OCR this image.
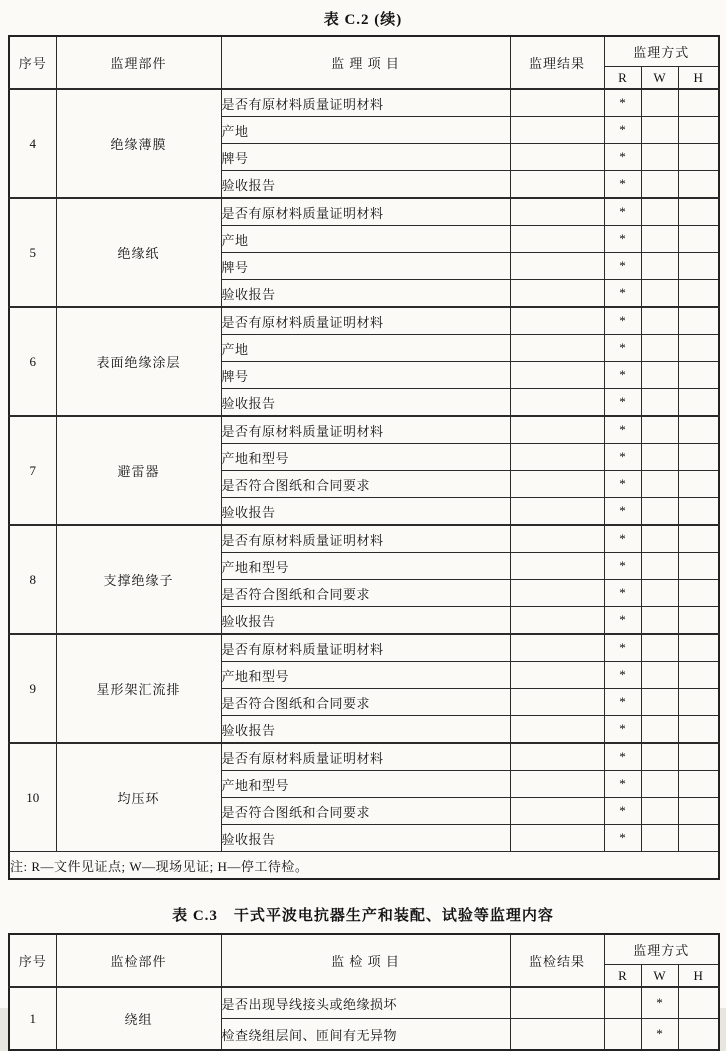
表 C.2 (续)
序号	监理部件	监 理 项 目	监理结果	监理方式		
				R	W	H
4	绝缘薄膜	是否有原材料质量证明材料		*		
		产地		*		
		牌号		*		
		验收报告		*		
5	绝缘纸	是否有原材料质量证明材料		*		
		产地		*		
		牌号		*		
		验收报告		*		
6	表面绝缘涂层	是否有原材料质量证明材料		*		
		产地		*		
		牌号		*		
		验收报告		*		
7	避雷器	是否有原材料质量证明材料		*		
		产地和型号		*		
		是否符合图纸和合同要求		*		
		验收报告		*		
8	支撑绝缘子	是否有原材料质量证明材料		*		
		产地和型号		*		
		是否符合图纸和合同要求		*		
		验收报告		*		
9	星形架汇流排	是否有原材料质量证明材料		*		
		产地和型号		*		
		是否符合图纸和合同要求		*		
		验收报告		*		
10	均压环	是否有原材料质量证明材料		*		
		产地和型号		*		
		是否符合图纸和合同要求		*		
		验收报告		*		
注: R—文件见证点; W—现场见证; H—停工待检。						
表 C.3　干式平波电抗器生产和装配、试验等监理内容
序号	监检部件	监 检 项 目	监检结果	监理方式		
				R	W	H
1	绕组	是否出现导线接头或绝缘损坏			*	
		检查绕组层间、匝间有无异物			*	
